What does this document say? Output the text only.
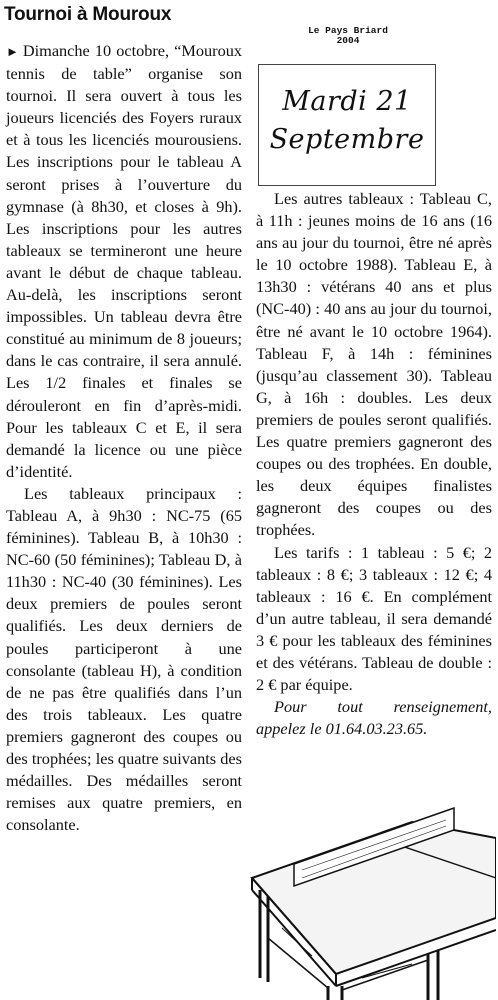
Tournoi à Mouroux
Le Pays Briard
2004
Mardi 21
Septembre

► Dimanche 10 octobre, “Mouroux tennis de table” organise son tournoi. Il sera ouvert à tous les joueurs licenciés des Foyers ruraux et à tous les licenciés mourousiens. Les inscriptions pour le tableau A seront prises à l’ouverture du gymnase (à 8h30, et closes à 9h). Les inscriptions pour les autres tableaux se termineront une heure avant le début de chaque tableau. Au-delà, les inscriptions seront impossibles. Un tableau devra être constitué au minimum de 8 joueurs; dans le cas contraire, il sera annulé. Les 1/2 finales et finales se dérouleront en fin d’après-midi. Pour les tableaux C et E, il sera demandé la licence ou une pièce d’identité.

Les tableaux principaux : Tableau A, à 9h30 : NC-75 (65 féminines). Tableau B, à 10h30 : NC-60 (50 féminines); Tableau D, à 11h30 : NC-40 (30 féminines). Les deux premiers de poules seront qualifiés. Les deux derniers de poules participeront à une consolante (tableau H), à condition de ne pas être qualifiés dans l’un des trois tableaux. Les quatre premiers gagneront des coupes ou des trophées; les quatre suivants des médailles. Des médailles seront remises aux quatre premiers, en consolante.

Les autres tableaux : Tableau C, à 11h : jeunes moins de 16 ans (16 ans au jour du tournoi, être né après le 10 octobre 1988). Tableau E, à 13h30 : vétérans 40 ans et plus (NC-40) : 40 ans au jour du tournoi, être né avant le 10 octobre 1964). Tableau F, à 14h : féminines (jusqu’au classement 30). Tableau G, à 16h : doubles. Les deux premiers de poules seront qualifiés. Les quatre premiers gagneront des coupes ou des trophées. En double, les deux équipes finalistes gagneront des coupes ou des trophées.

Les tarifs : 1 tableau : 5 €; 2 tableaux : 8 €; 3 tableaux : 12 €; 4 tableaux : 16 €. En complément d’un autre tableau, il sera demandé 3 € pour les tableaux des féminines et des vétérans. Tableau de double : 2 € par équipe.

Pour tout renseignement, appelez le 01.64.03.23.65.
